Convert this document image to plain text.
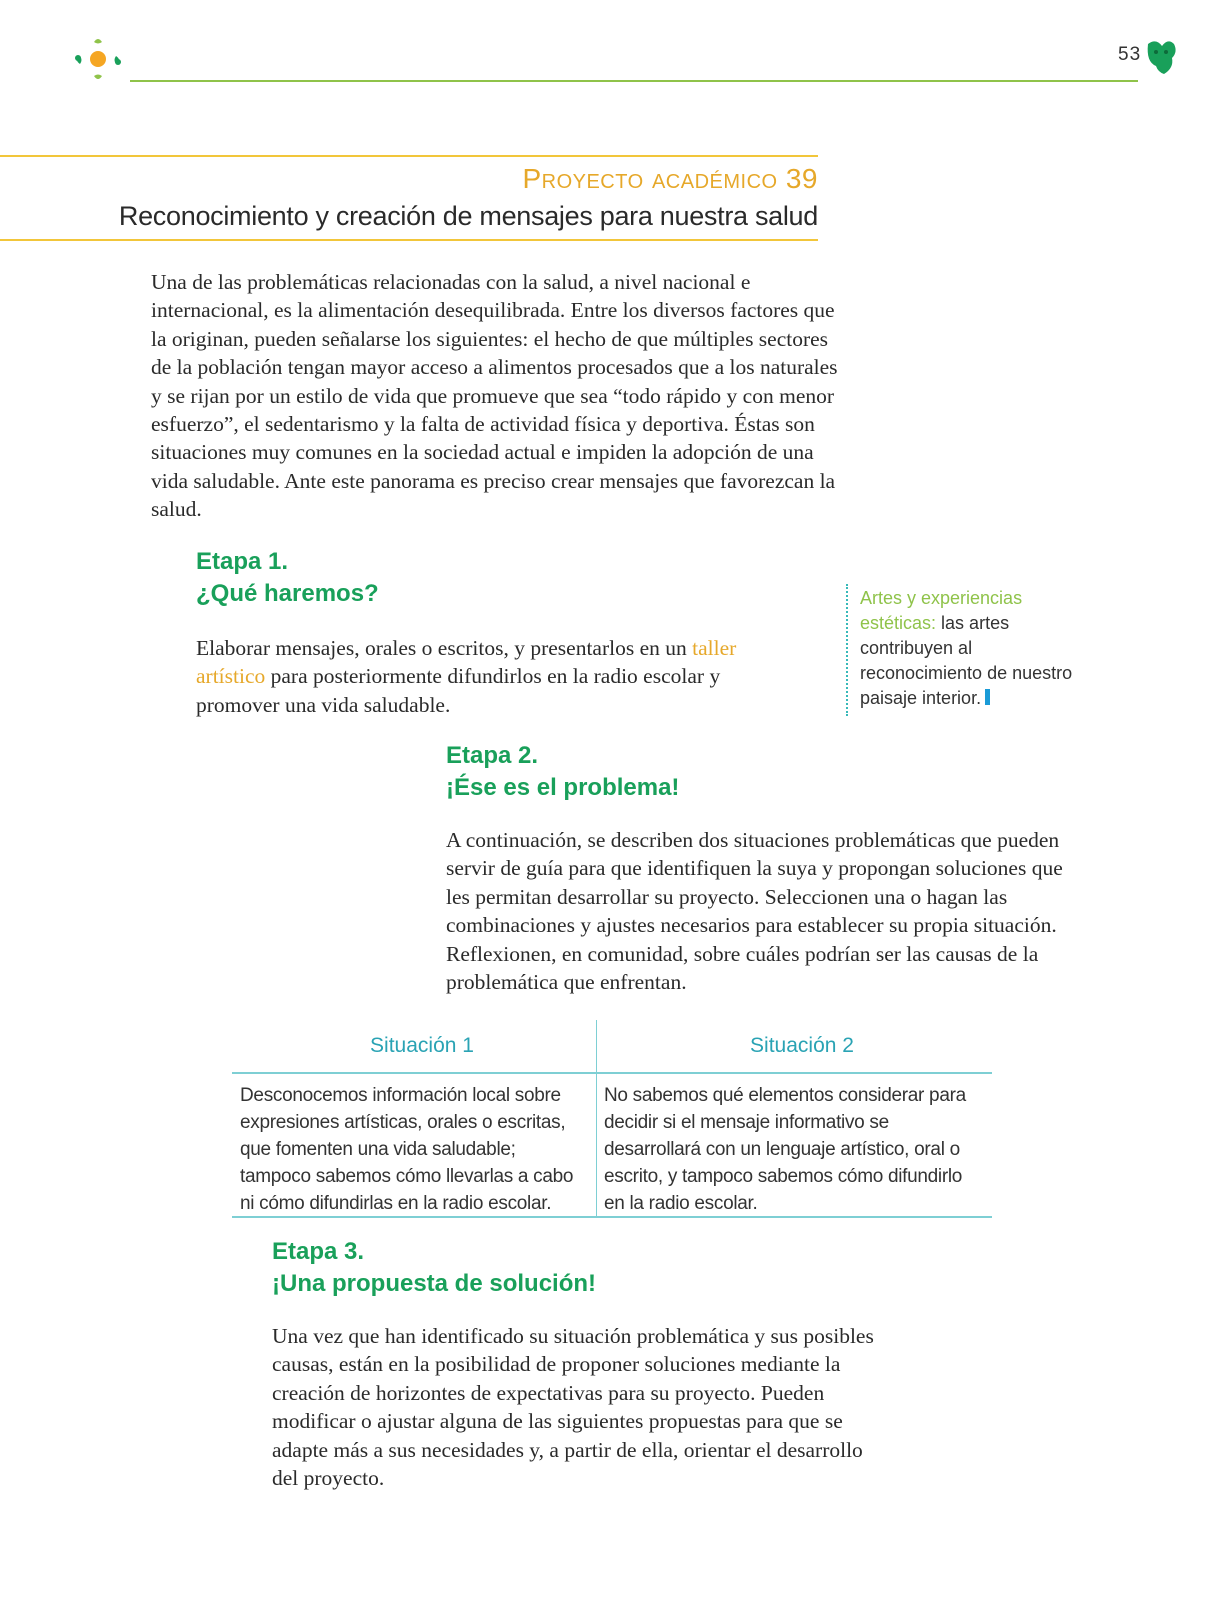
53
Proyecto académico 39
Reconocimiento y creación de mensajes para nuestra salud

Una de las problemáticas relacionadas con la salud, a nivel nacional e internacional, es la alimentación desequilibrada. Entre los diversos factores que la originan, pueden señalarse los siguientes: el hecho de que múltiples sectores de la población tengan mayor acceso a alimentos procesados que a los naturales y se rijan por un estilo de vida que promueve que sea “todo rápido y con menor esfuerzo”, el sedentarismo y la falta de actividad física y deportiva. Éstas son situaciones muy comunes en la sociedad actual e impiden la adopción de una vida saludable. Ante este panorama es preciso crear mensajes que favorezcan la salud.

Etapa 1.
¿Qué haremos?

Elaborar mensajes, orales o escritos, y presentarlos en un taller artístico para posteriormente difundirlos en la radio escolar y promover una vida saludable.

Artes y experiencias estéticas: las artes contribuyen al reconocimiento de nuestro paisaje interior.
Etapa 2.
¡Ése es el problema!

A continuación, se describen dos situaciones problemáticas que pueden servir de guía para que identifiquen la suya y propongan soluciones que les permitan desarrollar su proyecto. Seleccionen una o hagan las combinaciones y ajustes necesarios para establecer su propia situación. Reflexionen, en comunidad, sobre cuáles podrían ser las causas de la problemática que enfrentan.

Situación 1	Situación 2

Desconocemos información local sobre expresiones artísticas, orales o escritas, que fomenten una vida saludable; tampoco sabemos cómo llevarlas a cabo ni cómo difundirlas en la radio escolar.

No sabemos qué elementos considerar para decidir si el mensaje informativo se desarrollará con un lenguaje artístico, oral o escrito, y tampoco sabemos cómo difundirlo en la radio escolar.

Etapa 3.
¡Una propuesta de solución!

Una vez que han identificado su situación problemática y sus posibles causas, están en la posibilidad de proponer soluciones mediante la creación de horizontes de expectativas para su proyecto. Pueden modificar o ajustar alguna de las siguientes propuestas para que se adapte más a sus necesidades y, a partir de ella, orientar el desarrollo del proyecto.
